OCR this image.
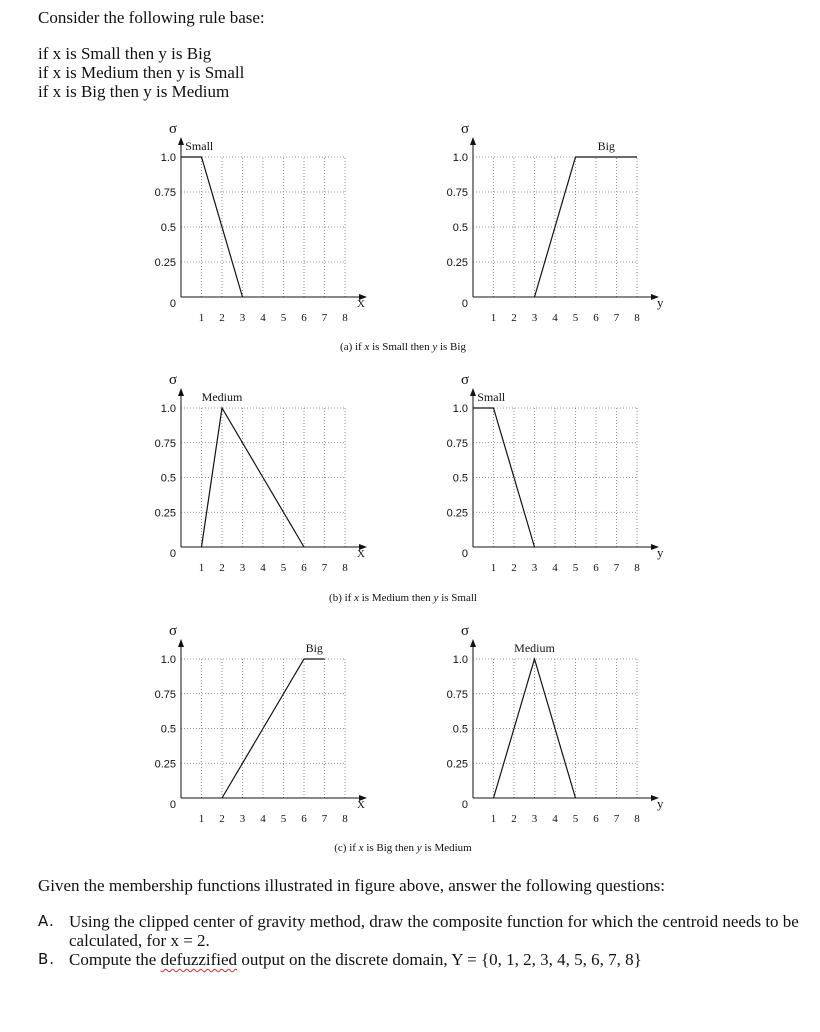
Consider the following rule base:
if x is Small then y is Big
if x is Medium then y is Small
if x is Big then y is Medium
σ
X
0
0.25
0.5
0.75
1.0
1 2 3 4 5 6 7 8
Small
σ
y
0
0.25
0.5
0.75
1.0
1 2 3 4 5 6 7 8
Big
σ
X
0
0.25
0.5
0.75
1.0
1 2 3 4 5 6 7 8
Medium
σ
y
0
0.25
0.5
0.75
1.0
1 2 3 4 5 6 7 8
Small
σ
X
0
0.25
0.5
0.75
1.0
1 2 3 4 5 6 7 8
Big
σ
y
0
0.25
0.5
0.75
1.0
1 2 3 4 5 6 7 8
Medium
(a) if x is Small then y is Big
(b) if x is Medium then y is Small
(c) if x is Big then y is Medium
Given the membership functions illustrated in figure above, answer the following questions:
A. Using the clipped center of gravity method, draw the composite function for which the centroid needs to be calculated, for x = 2.
B. Compute the defuzzified output on the discrete domain, Y = {0, 1, 2, 3, 4, 5, 6, 7, 8}
